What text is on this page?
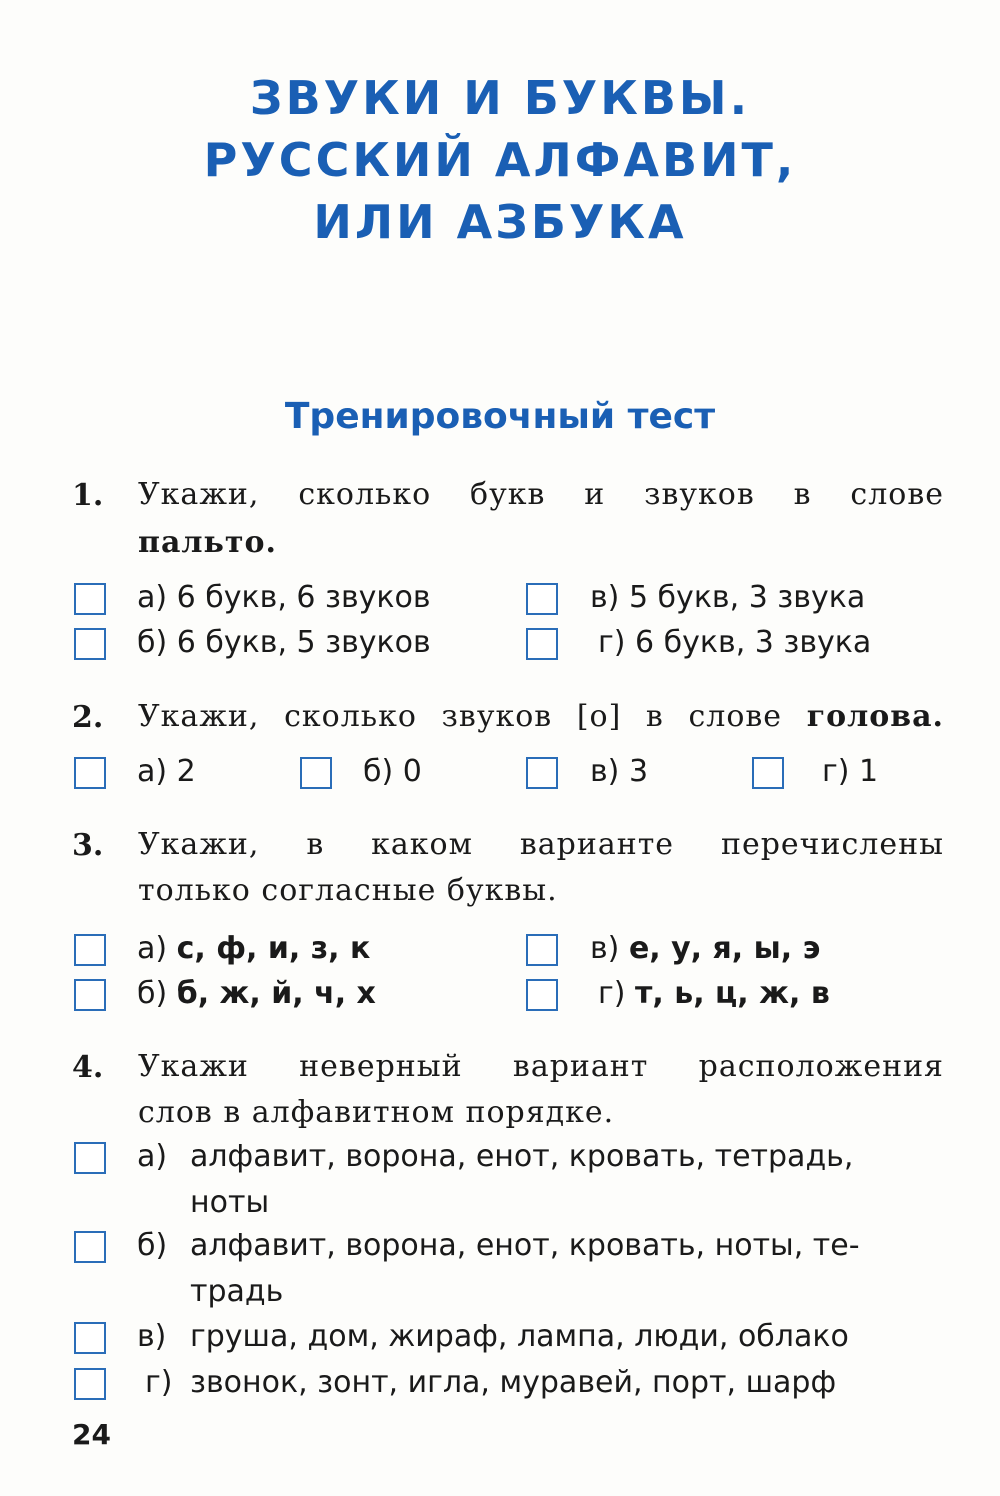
ЗВУКИ И БУКВЫ.
РУССКИЙ АЛФАВИТ,
ИЛИ АЗБУКА
Тренировочный тест
1. Укажи, сколько букв и звуков в слове
пальто.
а) 6 букв, 6 звуков	в) 5 букв, 3 звука
б) 6 букв, 5 звуков	г) 6 букв, 3 звука
2. Укажи, сколько звуков [о] в слове голова.
а) 2	б) 0	в) 3	г) 1
3. Укажи, в каком варианте перечислены
только согласные буквы.
а) с, ф, и, з, к	в) е, у, я, ы, э
б) б, ж, й, ч, х	г) т, ь, ц, ж, в
4. Укажи неверный вариант расположения
слов в алфавитном порядке.
а) алфавит, ворона, енот, кровать, тетрадь,
ноты
б) алфавит, ворона, енот, кровать, ноты, те-
традь
в) груша, дом, жираф, лампа, люди, облако
г) звонок, зонт, игла, муравей, порт, шарф
24
